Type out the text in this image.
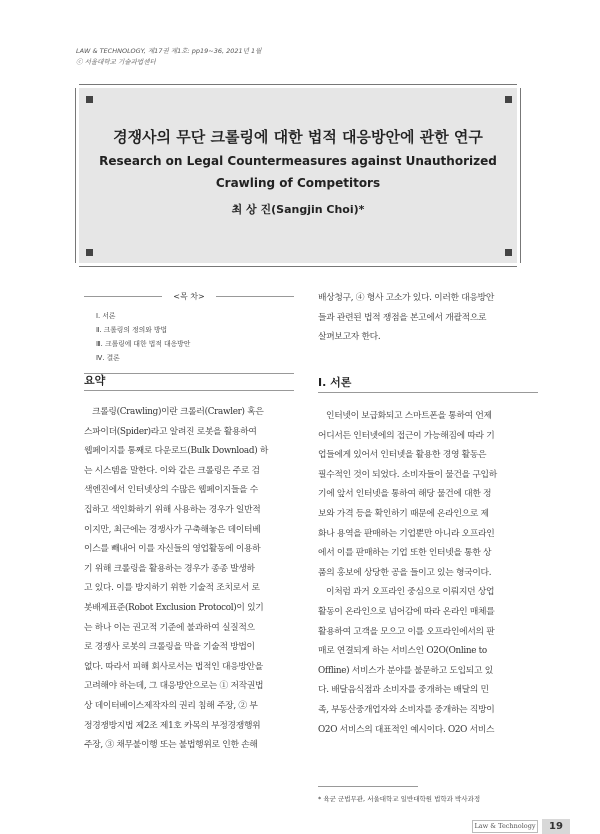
LAW & TECHNOLOGY, 제17권 제1호: pp19~36, 2021년 1월
ⓒ 서울대학교 기술과법센터
경쟁사의 무단 크롤링에 대한 법적 대응방안에 관한 연구
Research on Legal Countermeasures against Unauthorized
Crawling of Competitors
최 상 진(Sangjin Choi)*
<목 차>
Ⅰ. 서론
Ⅱ. 크롤링의 정의와 방법
Ⅲ. 크롤링에 대한 법적 대응방안
Ⅳ. 결론
요약
크롤링(Crawling)이란 크롤러(Crawler) 혹은
스파이더(Spider)라고 알려진 로봇을 활용하여
웹페이지를 통째로 다운로드(Bulk Download) 하
는 시스템을 말한다. 이와 같은 크롤링은 주로 검
색엔진에서 인터넷상의 수많은 웹페이지들을 수
집하고 색인화하기 위해 사용하는 경우가 일반적
이지만, 최근에는 경쟁사가 구축해놓은 데이터베
이스를 빼내어 이를 자신들의 영업활동에 이용하
기 위해 크롤링을 활용하는 경우가 종종 발생하
고 있다. 이를 방지하기 위한 기술적 조치로서 로
봇배제표준(Robot Exclusion Protocol)이 있기
는 하나 이는 권고적 기준에 불과하여 실질적으
로 경쟁사 로봇의 크롤링을 막을 기술적 방법이
없다. 따라서 피해 회사로서는 법적인 대응방안을
고려해야 하는데, 그 대응방안으로는 ① 저작권법
상 데이터베이스제작자의 권리 침해 주장, ② 부
정경쟁방지법 제2조 제1호 카목의 부정경쟁행위
주장, ③ 채무불이행 또는 불법행위로 인한 손해
배상청구, ④ 형사 고소가 있다. 이러한 대응방안
들과 관련된 법적 쟁점을 본고에서 개괄적으로
살펴보고자 한다.
Ⅰ. 서론
인터넷이 보급화되고 스마트폰을 통하여 언제
어디서든 인터넷에의 접근이 가능해짐에 따라 기
업들에게 있어서 인터넷을 활용한 경영 활동은
필수적인 것이 되었다. 소비자들이 물건을 구입하
기에 앞서 인터넷을 통하여 해당 물건에 대한 정
보와 가격 등을 확인하기 때문에 온라인으로 제
화나 용역을 판매하는 기업뿐만 아니라 오프라인
에서 이를 판매하는 기업 또한 인터넷을 통한 상
품의 홍보에 상당한 공을 들이고 있는 형국이다.
이처럼 과거 오프라인 중심으로 이뤄지던 상업
활동이 온라인으로 넘어감에 따라 온라인 매체를
활용하여 고객을 모으고 이를 오프라인에서의 판
매로 연결되게 하는 서비스인 O2O(Online to
Offline) 서비스가 분야를 불문하고 도입되고 있
다. 배달음식점과 소비자를 중개하는 배달의 민
족, 부동산중개업자와 소비자를 중개하는 직방이
O2O 서비스의 대표적인 예시이다. O2O 서비스
* 육군 군법무관, 서울대학교 일반대학원 법학과 박사과정
Law & Technology	19
